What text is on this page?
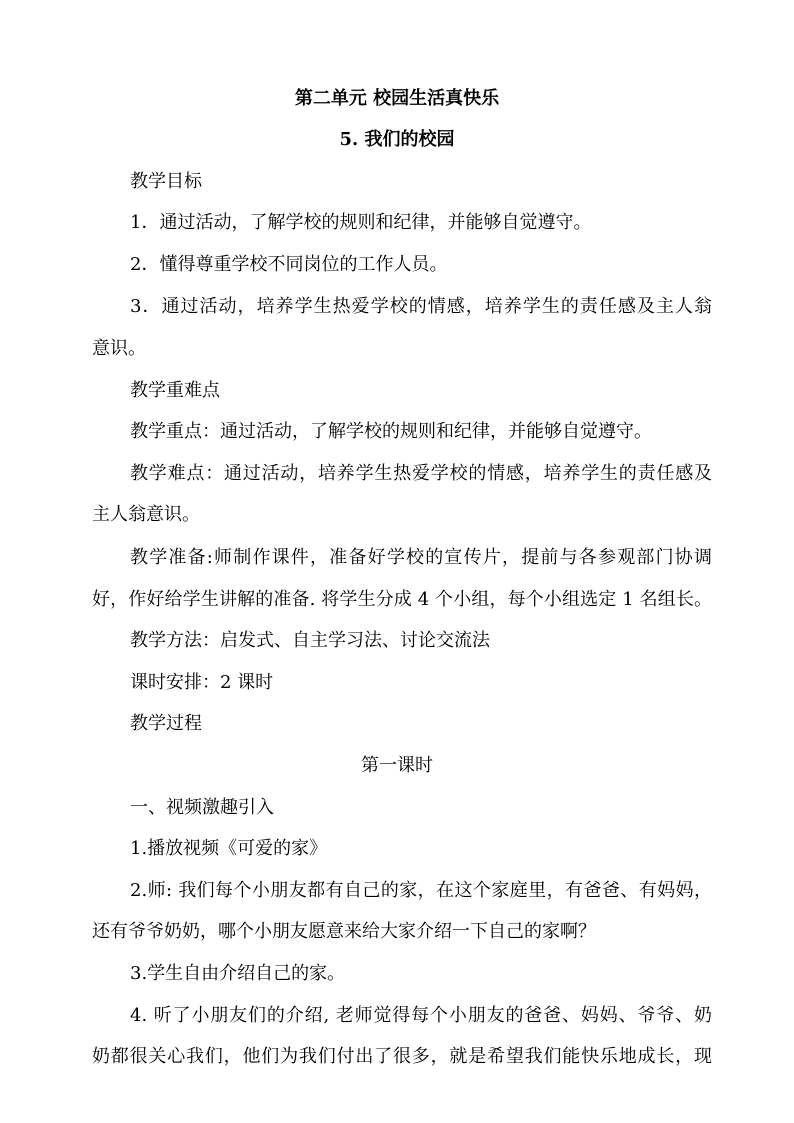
第二单元 校园生活真快乐
5. 我们的校园
教学目标
1．通过活动，了解学校的规则和纪律，并能够自觉遵守。
2．懂得尊重学校不同岗位的工作人员。
3．通过活动，培养学生热爱学校的情感，培养学生的责任感及主人翁
意识。
教学重难点
教学重点：通过活动，了解学校的规则和纪律，并能够自觉遵守。
教学难点：通过活动，培养学生热爱学校的情感，培养学生的责任感及
主人翁意识。
教学准备:师制作课件，准备好学校的宣传片，提前与各参观部门协调
好，作好给学生讲解的准备. 将学生分成 4 个小组，每个小组选定 1 名组长。
教学方法：启发式、自主学习法、讨论交流法
课时安排：2 课时
教学过程
第一课时
一、视频激趣引入
1.播放视频《可爱的家》
2.师: 我们每个小朋友都有自己的家，在这个家庭里，有爸爸、有妈妈，
还有爷爷奶奶，哪个小朋友愿意来给大家介绍一下自己的家啊？
3.学生自由介绍自己的家。
4. 听了小朋友们的介绍, 老师觉得每个小朋友的爸爸、妈妈、爷爷、奶
奶都很关心我们，他们为我们付出了很多，就是希望我们能快乐地成长，现
